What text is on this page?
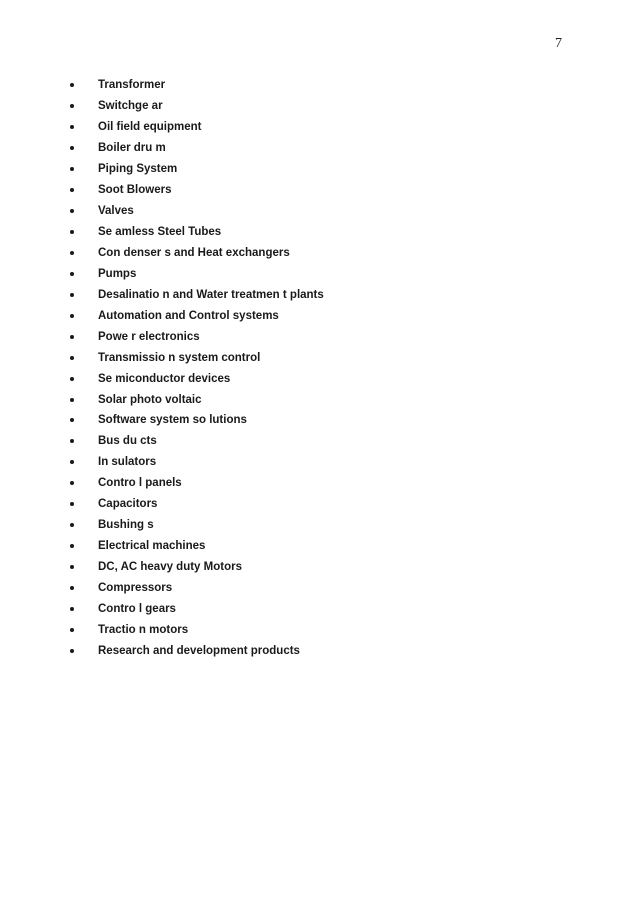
7
Transformer
Switchge ar
Oil field equipment
Boiler dru m
Piping System
Soot Blowers
Valves
Se amless Steel Tubes
Con denser s and Heat exchangers
Pumps
Desalinatio n and Water treatmen t plants
Automation and Control systems
Powe r electronics
Transmissio n system control
Se miconductor devices
Solar photo voltaic
Software system so lutions
Bus du cts
In sulators
Contro l panels
Capacitors
Bushing s
Electrical machines
DC, AC heavy duty Motors
Compressors
Contro l gears
Tractio n motors
Research and development products
